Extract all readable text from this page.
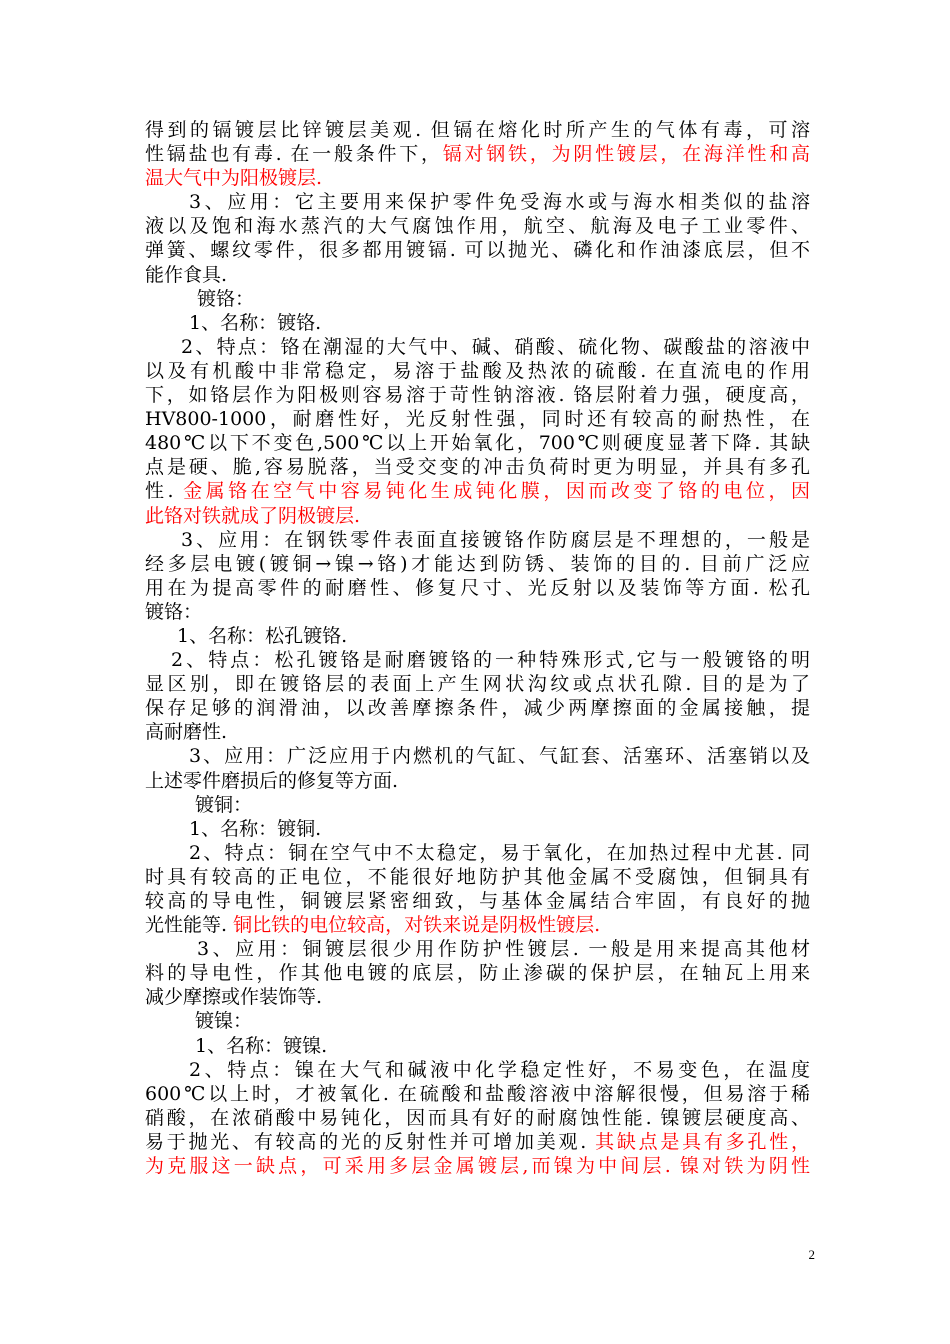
得到的镉镀层比锌镀层美观. 但镉在熔化时所产生的气体有毒，可溶
性镉盐也有毒. 在一般条件下，镉对钢铁，为阴性镀层，在海洋性和高
温大气中为阳极镀层.
3、应用：它主要用来保护零件免受海水或与海水相类似的盐溶
液以及饱和海水蒸汽的大气腐蚀作用，航空、航海及电子工业零件、
弹簧、螺纹零件，很多都用镀镉. 可以抛光、磷化和作油漆底层，但不
能作食具.
镀铬：
1、名称：镀铬.
2、特点：铬在潮湿的大气中、碱、硝酸、硫化物、碳酸盐的溶液中
以及有机酸中非常稳定，易溶于盐酸及热浓的硫酸. 在直流电的作用
下，如铬层作为阳极则容易溶于苛性钠溶液. 铬层附着力强，硬度高，
HV800-1000，耐磨性好，光反射性强，同时还有较高的耐热性，在
480℃以下不变色,500℃以上开始氧化，700℃则硬度显著下降. 其缺
点是硬、脆,容易脱落，当受交变的冲击负荷时更为明显，并具有多孔
性. 金属铬在空气中容易钝化生成钝化膜，因而改变了铬的电位，因
此铬对铁就成了阴极镀层.
3、应用：在钢铁零件表面直接镀铬作防腐层是不理想的，一般是
经多层电镀(镀铜→镍→铬)才能达到防锈、装饰的目的. 目前广泛应
用在为提高零件的耐磨性、修复尺寸、光反射以及装饰等方面. 松孔
镀铬：
1、名称：松孔镀铬.
2、特点：松孔镀铬是耐磨镀铬的一种特殊形式,它与一般镀铬的明
显区别，即在镀铬层的表面上产生网状沟纹或点状孔隙. 目的是为了
保存足够的润滑油，以改善摩擦条件，减少两摩擦面的金属接触，提
高耐磨性.
3、应用：广泛应用于内燃机的气缸、气缸套、活塞环、活塞销以及
上述零件磨损后的修复等方面.
镀铜：
1、名称：镀铜.
2、特点：铜在空气中不太稳定，易于氧化，在加热过程中尤甚. 同
时具有较高的正电位，不能很好地防护其他金属不受腐蚀，但铜具有
较高的导电性，铜镀层紧密细致，与基体金属结合牢固，有良好的抛
光性能等. 铜比铁的电位较高，对铁来说是阴极性镀层.
3、应用：铜镀层很少用作防护性镀层. 一般是用来提高其他材
料的导电性，作其他电镀的底层，防止渗碳的保护层，在轴瓦上用来
减少摩擦或作装饰等.
镀镍：
1、名称：镀镍.
2、特点：镍在大气和碱液中化学稳定性好，不易变色，在温度
600℃以上时，才被氧化. 在硫酸和盐酸溶液中溶解很慢，但易溶于稀
硝酸，在浓硝酸中易钝化，因而具有好的耐腐蚀性能. 镍镀层硬度高、
易于抛光、有较高的光的反射性并可增加美观. 其缺点是具有多孔性，
为克服这一缺点，可采用多层金属镀层,而镍为中间层. 镍对铁为阴性
2
